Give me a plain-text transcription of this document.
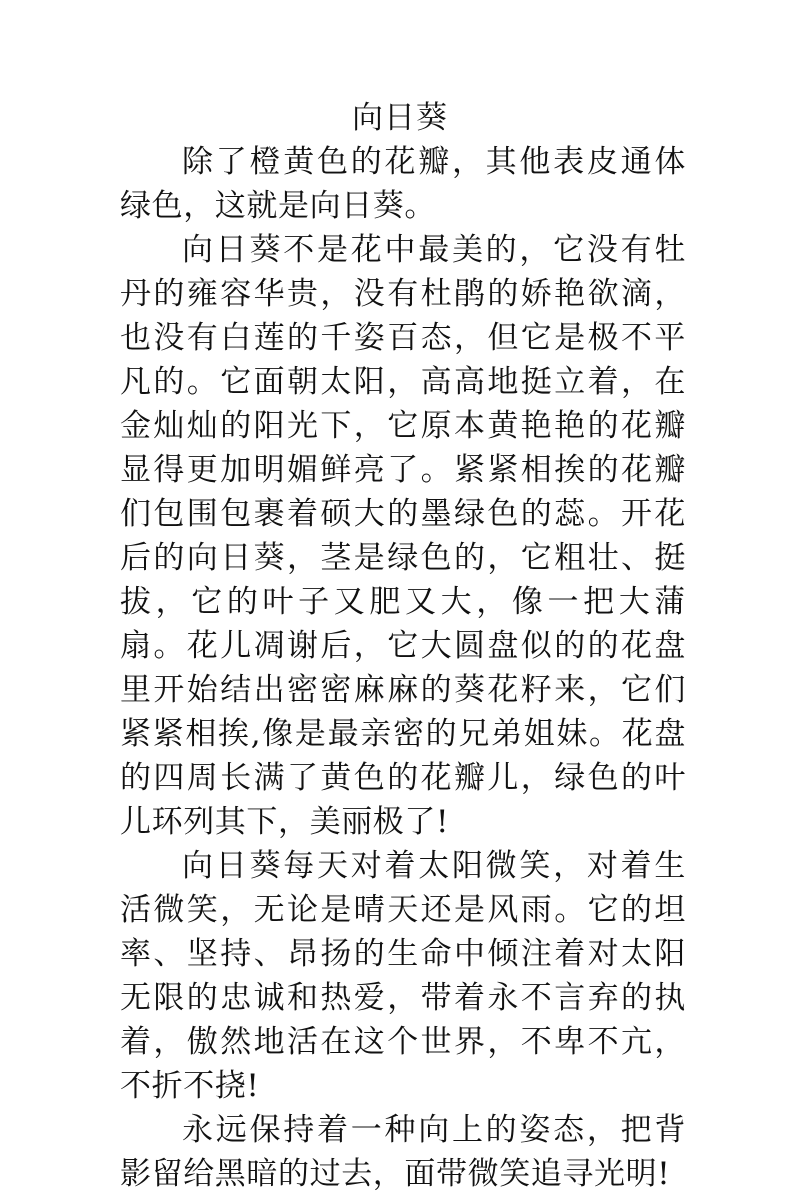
向日葵

除了橙黄色的花瓣，其他表皮通体绿色，这就是向日葵。

向日葵不是花中最美的，它没有牡丹的雍容华贵，没有杜鹃的娇艳欲滴，也没有白莲的千姿百态，但它是极不平凡的。它面朝太阳，高高地挺立着，在金灿灿的阳光下，它原本黄艳艳的花瓣显得更加明媚鲜亮了。紧紧相挨的花瓣们包围包裹着硕大的墨绿色的蕊。开花后的向日葵，茎是绿色的，它粗壮、挺拔，它的叶子又肥又大，像一把大蒲扇。花儿凋谢后，它大圆盘似的的花盘里开始结出密密麻麻的葵花籽来，它们紧紧相挨,像是最亲密的兄弟姐妹。花盘的四周长满了黄色的花瓣儿，绿色的叶儿环列其下，美丽极了!

向日葵每天对着太阳微笑，对着生活微笑，无论是晴天还是风雨。它的坦率、坚持、昂扬的生命中倾注着对太阳无限的忠诚和热爱，带着永不言弃的执着，傲然地活在这个世界，不卑不亢，不折不挠!

永远保持着一种向上的姿态，把背影留给黑暗的过去，面带微笑追寻光明!
